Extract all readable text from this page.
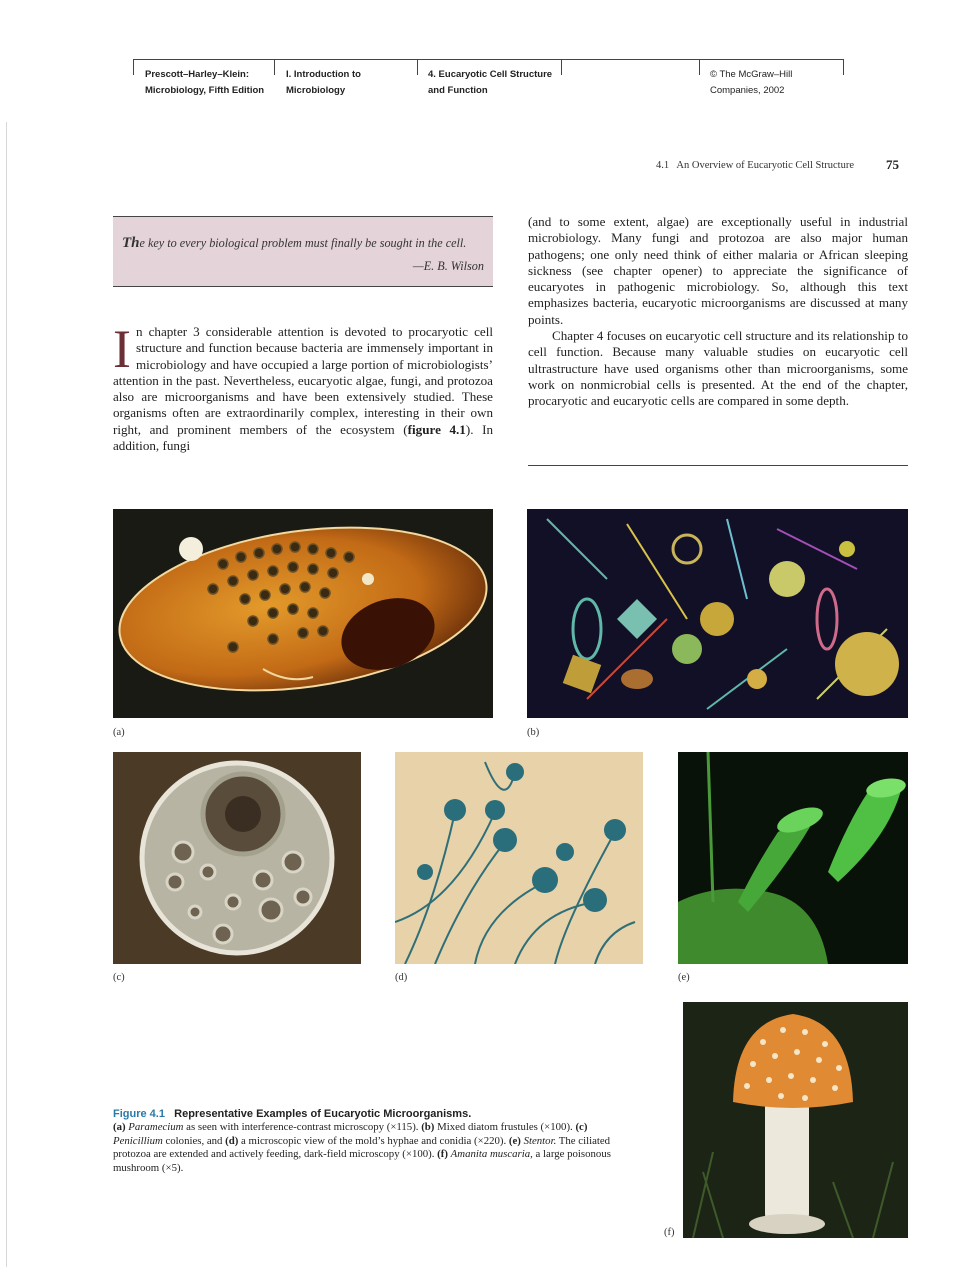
Prescott–Harley–Klein:
Microbiology, Fifth Edition
I. Introduction to
Microbiology
4. Eucaryotic Cell Structure
and Function
© The McGraw–Hill
Companies, 2002
4.1   An Overview of Eucaryotic Cell Structure 75
The key to every biological problem must finally be sought in the cell.
—E. B. Wilson

In chapter 3 considerable attention is devoted to procaryotic cell structure and function because bacteria are immensely important in microbiology and have occupied a large portion of microbiologists’ attention in the past. Nevertheless, eucaryotic algae, fungi, and protozoa also are microorganisms and have been extensively studied. These organisms often are extraordinarily complex, interesting in their own right, and prominent members of the ecosystem (figure 4.1). In addition, fungi

(and to some extent, algae) are exceptionally useful in industrial microbiology. Many fungi and protozoa are also major human pathogens; one only need think of either malaria or African sleeping sickness (see chapter opener) to appreciate the significance of eucaryotes in pathogenic microbiology. So, although this text emphasizes bacteria, eucaryotic microorganisms are discussed at many points.

Chapter 4 focuses on eucaryotic cell structure and its relationship to cell function. Because many valuable studies on eucaryotic cell ultrastructure have used organisms other than microorganisms, some work on nonmicrobial cells is presented. At the end of the chapter, procaryotic and eucaryotic cells are compared in some depth.

(a)	(b)
(c)	(d)	(e)
(f)
Figure 4.1 Representative Examples of Eucaryotic Microorganisms.
(a) Paramecium as seen with interference-contrast microscopy (×115). (b) Mixed diatom frustules (×100). (c) Penicillium colonies, and (d) a microscopic view of the mold’s hyphae and conidia (×220). (e) Stentor. The ciliated protozoa are extended and actively feeding, dark-field microscopy (×100). (f) Amanita muscaria, a large poisonous mushroom (×5).
